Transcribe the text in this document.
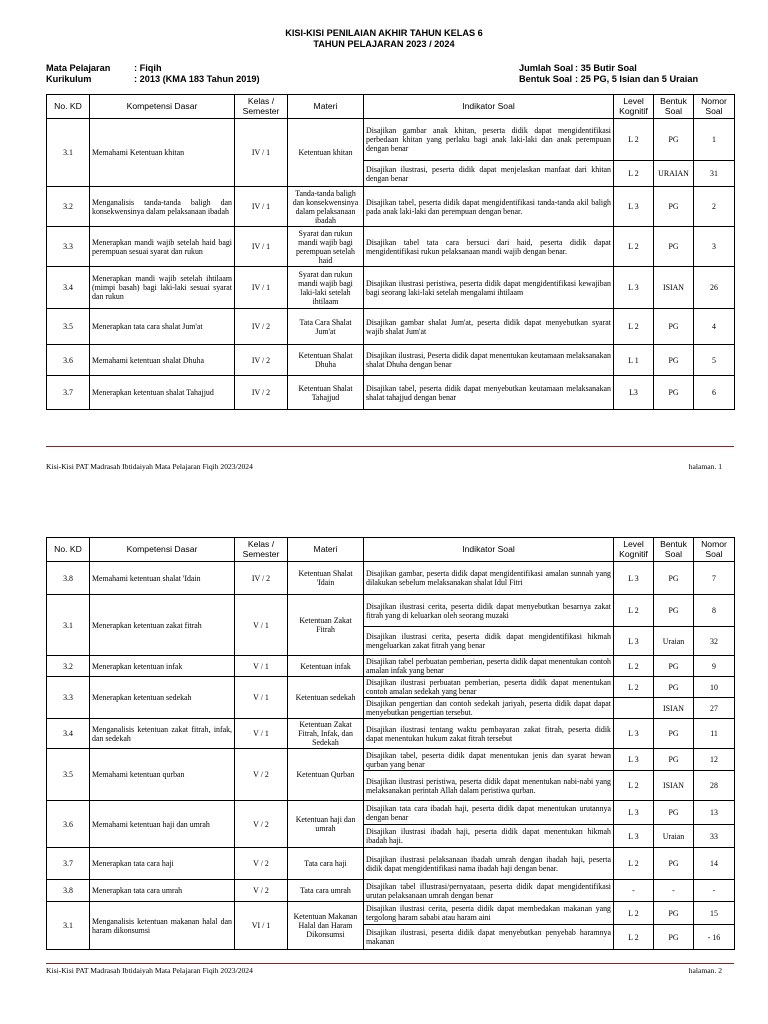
KISI-KISI PENILAIAN AKHIR TAHUN KELAS 6
TAHUN PELAJARAN 2023 / 2024
Mata Pelajaran	: Fiqih
Kurikulum	: 2013 (KMA 183 Tahun 2019)
Jumlah Soal : 35 Butir Soal
Bentuk Soal : 25 PG, 5 Isian dan 5 Uraian
No. KD	Kompetensi Dasar	Kelas /
Semester	Materi	Indikator Soal	Level
Kognitif	Bentuk
Soal	Nomor
Soal
3.1	Memahami Ketentuan khitan	IV / 1	Ketentuan khitan	Disajikan gambar anak khitan, peserta didik dapat mengidentifikasi perbedaan khitan yang perlaku bagi anak laki-laki dan anak perempuan dengan benar	L 2	PG	1
				Disajikan ilustrasi, peserta didik dapat menjelaskan manfaat dari khitan dengan benar	L 2	URAIAN	31
3.2	Menganalisis tanda-tanda baligh dan konsekwensinya dalam pelaksanaan ibadah	IV / 1	Tanda-tanda baligh dan konsekwensinya dalam pelaksanaan ibadah	Disajikan tabel, peserta didik dapat mengidentifikasi tanda-tanda akil baligh pada anak laki-laki dan perempuan dengan benar.	L 3	PG	2
3.3	Menerapkan mandi wajib setelah haid bagi perempuan sesuai syarat dan rukun	IV / 1	Syarat dan rukun mandi wajib bagi perempuan setelah haid	Disajikan tabel tata cara bersuci dari haid, peserta didik dapat mengidentifikasi rukun pelaksanaan mandi wajib dengan benar.	L 2	PG	3
3.4	Menerapkan mandi wajib setelah ihtilaam (mimpi basah) bagi laki-laki sesuai syarat dan rukun	IV / 1	Syarat dan rukun mandi wajib bagi laki-laki setelah ihtilaam	Disajikan ilustrasi peristiwa, peserta didik dapat mengidentifikasi kewajiban bagi seorang laki-laki setelah mengalami ihtilaam	L 3	ISIAN	26
3.5	Menerapkan tata cara shalat Jum'at	IV / 2	Tata Cara Shalat Jum'at	Disajikan gambar shalat Jum'at, peserta didik dapat menyebutkan syarat wajib shalat Jum'at	L 2	PG	4
3.6	Memahami ketentuan shalat Dhuha	IV / 2	Ketentuan Shalat Dhuha	Disajikan ilustrasi, Peserta didik dapat menentukan keutamaan melaksanakan shalat Dhuha dengan benar	L 1	PG	5
3.7	Menerapkan ketentuan shalat Tahajjud	IV / 2	Ketentuan Shalat Tahajjud	Disajikan tabel, peserta didik dapat menyebutkan keutamaan melaksanakan shalat tahajjud dengan benar	L3	PG	6
Kisi-Kisi PAT Madrasah Ibtidaiyah Mata Pelajaran Fiqih 2023/2024	halaman. 1
No. KD	Kompetensi Dasar	Kelas /
Semester	Materi	Indikator Soal	Level
Kognitif	Bentuk
Soal	Nomor
Soal
3.8	Memahami ketentuan shalat 'Idain	IV / 2	Ketentuan Shalat 'Idain	Disajikan gambar, peserta didik dapat mengidentifikasi amalan sunnah yang dilakukan sebelum melaksanakan shalat Idul Fitri	L 3	PG	7
3.1	Menerapkan ketentuan zakat fitrah	V / 1	Ketentuan Zakat Fitrah	Disajikan ilustrasi cerita, peserta didik dapat menyebutkan besarnya zakat fitrah yang di keluarkan oleh seorang muzaki	L 2	PG	8
				Disajikan ilustrasi cerita, peserta didik dapat mengidentifikasi hikmah mengeluarkan zakat fitrah yang benar	L 3	Uraian	32
3.2	Menerapkan ketentuan infak	V / 1	Ketentuan infak	Disajikan tabel perbuatan pemberian, peserta didik dapat menentukan contoh amalan infak yang benar	L 2	PG	9
3.3	Menerapkan ketentuan sedekah	V / 1	Ketentuan sedekah	Disajikan ilustrasi perbuatan pemberian, peserta didik dapat menentukan contoh amalan sedekah yang benar	L 2	PG	10
				Disajikan pengertian dan contoh sedekah jariyah, peserta didik dapat dapat menyebutkan pengertian tersebut.		ISIAN	27
3.4	Menganalisis ketentuan zakat fitrah, infak, dan sedekah	V / 1	Ketentuan Zakat Fitrah, Infak, dan Sedekah	Disajikan ilustrasi tentang waktu pembayaran zakat fitrah, peserta didik dapat menentukan hukum zakat fitrah tersebut	L 3	PG	11
3.5	Memahami ketentuan qurban	V / 2	Ketentuan Qurban	Disajikan tabel, peserta didik dapat menentukan jenis dan syarat hewan qurban yang benar	L 3	PG	12
				Disajikan ilustrasi peristiwa, peserta didik dapat menentukan nabi-nabi yang melaksanakan perintah Allah dalam peristiwa qurban.	L 2	ISIAN	28
3.6	Memahami ketentuan haji dan umrah	V / 2	Ketentuan haji dan umrah	Disajikan tata cara ibadah haji, peserta didik dapat menentukan urutannya dengan benar	L 3	PG	13
				Disajikan ilustrasi ibadah haji, peserta didik dapat menentukan hikmah ibadah haji.	L 3	Uraian	33
3.7	Menerapkan tata cara haji	V / 2	Tata cara haji	Disajikan ilustrasi pelaksanaan ibadah umrah dengan ibadah haji, peserta didik dapat mengidentifikasi nama ibadah haji dengan benar.	L 2	PG	14
3.8	Menerapkan tata cara umrah	V / 2	Tata cara umrah	Disajikan tabel illustrasi/pernyataan, peserta didik dapat mengidentifikasi urutan pelaksanaan umrah dengan benar	-	-	-
3.1	Menganalisis ketentuan makanan halal dan haram dikonsumsi	VI / 1	Ketentuan Makanan Halal dan Haram Dikonsumsi	Disajikan ilustrasi cerita, peserta didik dapat membedakan makanan yang tergolong haram sababi atau haram aini	L 2	PG	15
				Disajikan ilustrasi, peserta didik dapat menyebutkan penyebab haramnya makanan	L 2	PG	- 16
Kisi-Kisi PAT Madrasah Ibtidaiyah Mata Pelajaran Fiqih 2023/2024	halaman. 2
